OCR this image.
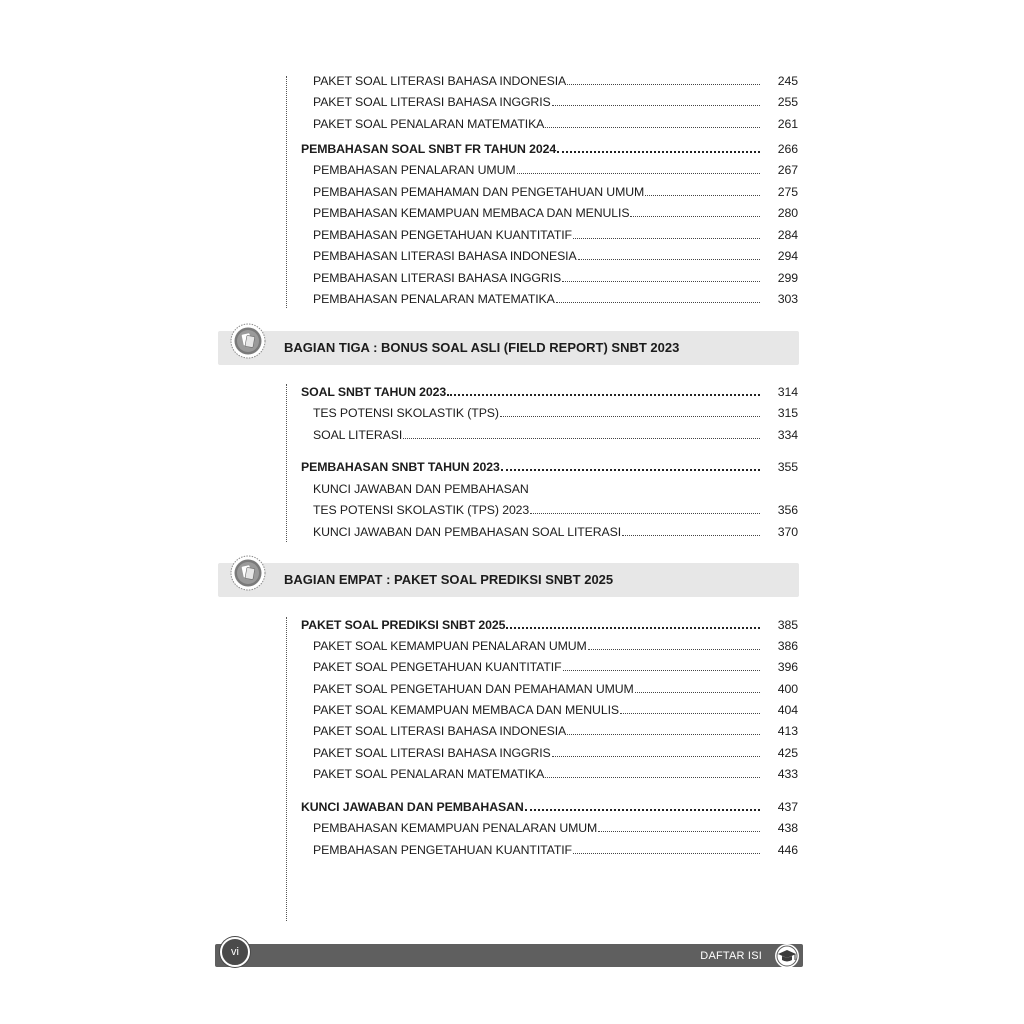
PAKET SOAL LITERASI BAHASA INDONESIA	245
PAKET SOAL LITERASI BAHASA INGGRIS	255
PAKET SOAL PENALARAN MATEMATIKA	261
PEMBAHASAN SOAL SNBT FR TAHUN 2024	266
PEMBAHASAN PENALARAN UMUM	267
PEMBAHASAN PEMAHAMAN DAN PENGETAHUAN UMUM	275
PEMBAHASAN KEMAMPUAN MEMBACA DAN MENULIS	280
PEMBAHASAN PENGETAHUAN KUANTITATIF	284
PEMBAHASAN LITERASI BAHASA INDONESIA	294
PEMBAHASAN LITERASI BAHASA INGGRIS	299
PEMBAHASAN PENALARAN MATEMATIKA	303
BAGIAN TIGA : BONUS SOAL ASLI (FIELD REPORT) SNBT 2023
SOAL SNBT TAHUN 2023	314
TES POTENSI SKOLASTIK (TPS)	315
SOAL LITERASI	334
PEMBAHASAN SNBT TAHUN 2023	355
KUNCI JAWABAN DAN PEMBAHASAN
TES POTENSI SKOLASTIK (TPS) 2023	356
KUNCI JAWABAN DAN PEMBAHASAN SOAL LITERASI	370
BAGIAN EMPAT : PAKET SOAL PREDIKSI SNBT 2025
PAKET SOAL PREDIKSI SNBT 2025	385
PAKET SOAL KEMAMPUAN PENALARAN UMUM	386
PAKET SOAL PENGETAHUAN KUANTITATIF	396
PAKET SOAL PENGETAHUAN DAN PEMAHAMAN UMUM	400
PAKET SOAL KEMAMPUAN MEMBACA DAN MENULIS	404
PAKET SOAL LITERASI BAHASA INDONESIA	413
PAKET SOAL LITERASI BAHASA INGGRIS	425
PAKET SOAL PENALARAN MATEMATIKA	433
KUNCI JAWABAN DAN PEMBAHASAN	437
PEMBAHASAN KEMAMPUAN PENALARAN UMUM	438
PEMBAHASAN PENGETAHUAN KUANTITATIF	446
vi	DAFTAR ISI
